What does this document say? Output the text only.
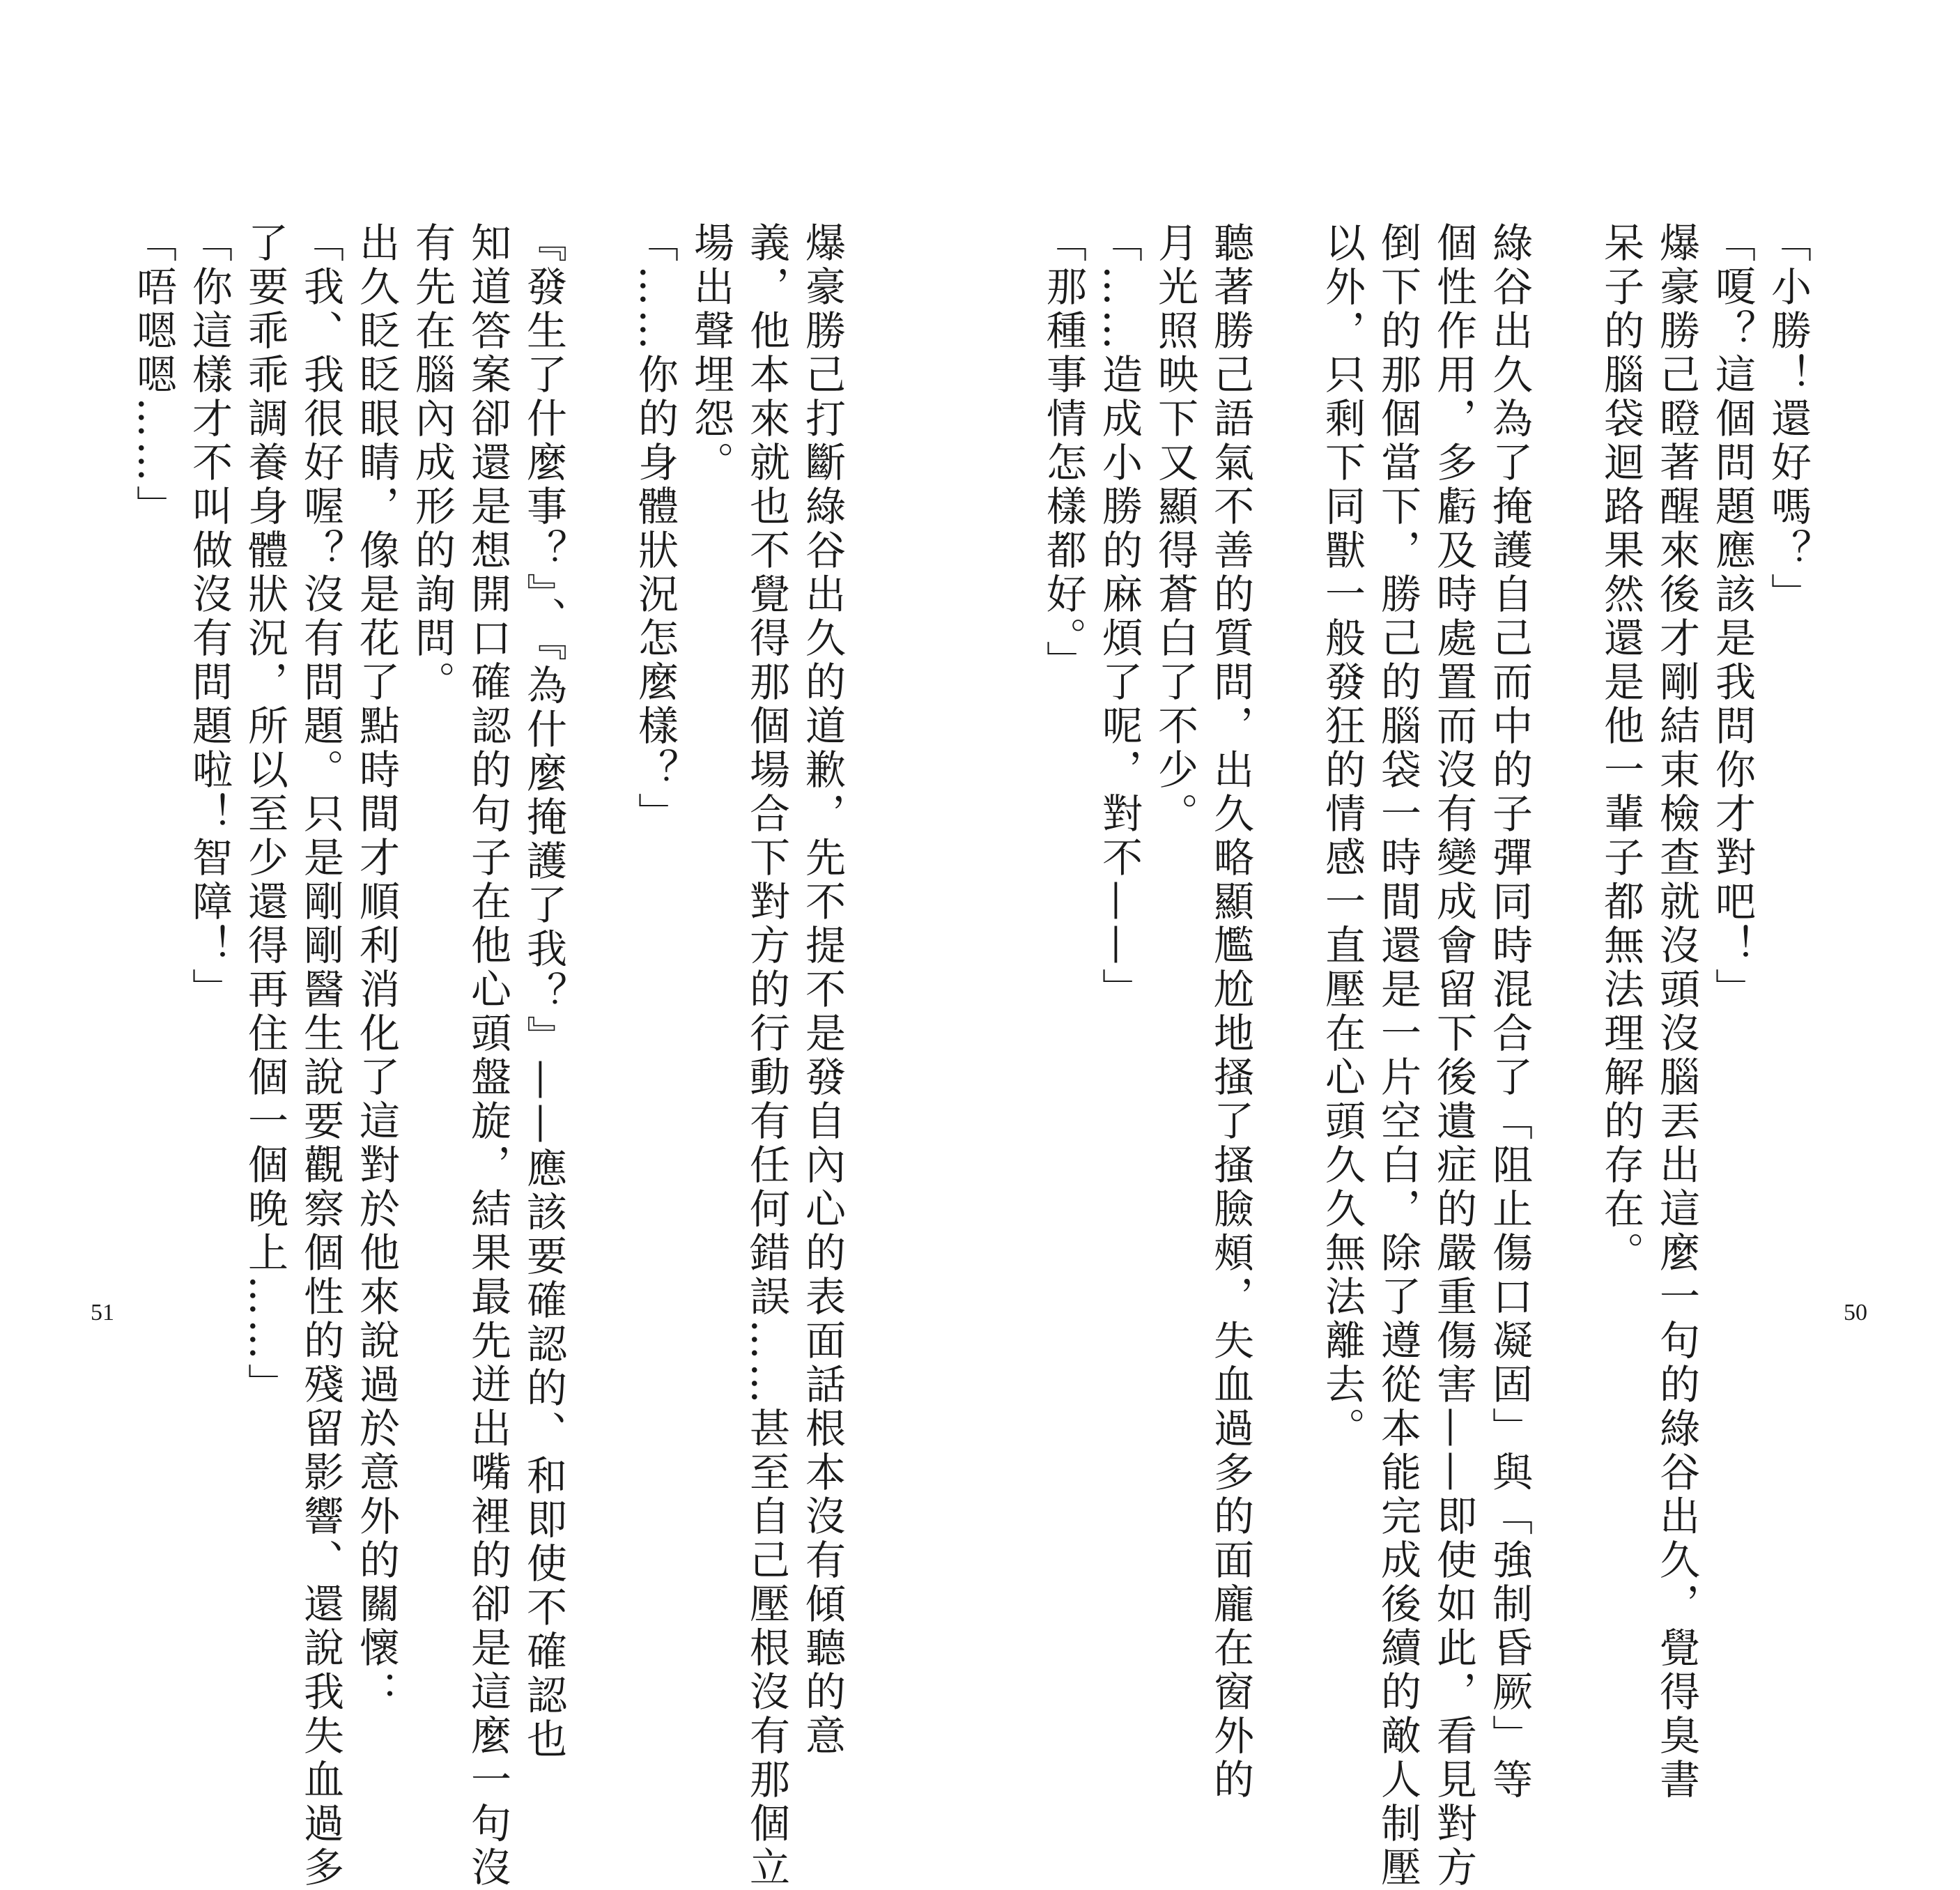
「小勝！還好嗎？」
「嗄？這個問題應該是我問你才對吧！」
爆豪勝己瞪著醒來後才剛結束檢查就沒頭沒腦丟出這麼一句的綠谷出久，覺得臭書
呆子的腦袋迴路果然還是他一輩子都無法理解的存在。
綠谷出久為了掩護自己而中的子彈同時混合了「阻止傷口凝固」與「強制昏厥」等
個性作用，多虧及時處置而沒有變成會留下後遺症的嚴重傷害——即使如此，看見對方
倒下的那個當下，勝己的腦袋一時間還是一片空白，除了遵從本能完成後續的敵人制壓
以外，只剩下同獸一般發狂的情感一直壓在心頭久久無法離去。
聽著勝己語氣不善的質問，出久略顯尷尬地搔了搔臉頰，失血過多的面龐在窗外的
月光照映下又顯得蒼白了不少。
「……造成小勝的麻煩了呢，對不——」
「那種事情怎樣都好。」
50
爆豪勝己打斷綠谷出久的道歉，先不提不是發自內心的表面話根本沒有傾聽的意
義，他本來就也不覺得那個場合下對方的行動有任何錯誤……甚至自己壓根沒有那個立
場出聲埋怨。
「……你的身體狀況怎麼樣？」
『發生了什麼事？』、『為什麼掩護了我？』——應該要確認的、和即使不確認也
知道答案卻還是想開口確認的句子在他心頭盤旋，結果最先迸出嘴裡的卻是這麼一句沒
有先在腦內成形的詢問。
出久眨眨眼睛，像是花了點時間才順利消化了這對於他來說過於意外的關懷：
「我、我很好喔？沒有問題。只是剛剛醫生說要觀察個性的殘留影響、還說我失血過多
了要乖乖調養身體狀況，所以至少還得再住個一個晚上……」
「你這樣才不叫做沒有問題啦！智障！」
「唔嗯嗯……」
51
